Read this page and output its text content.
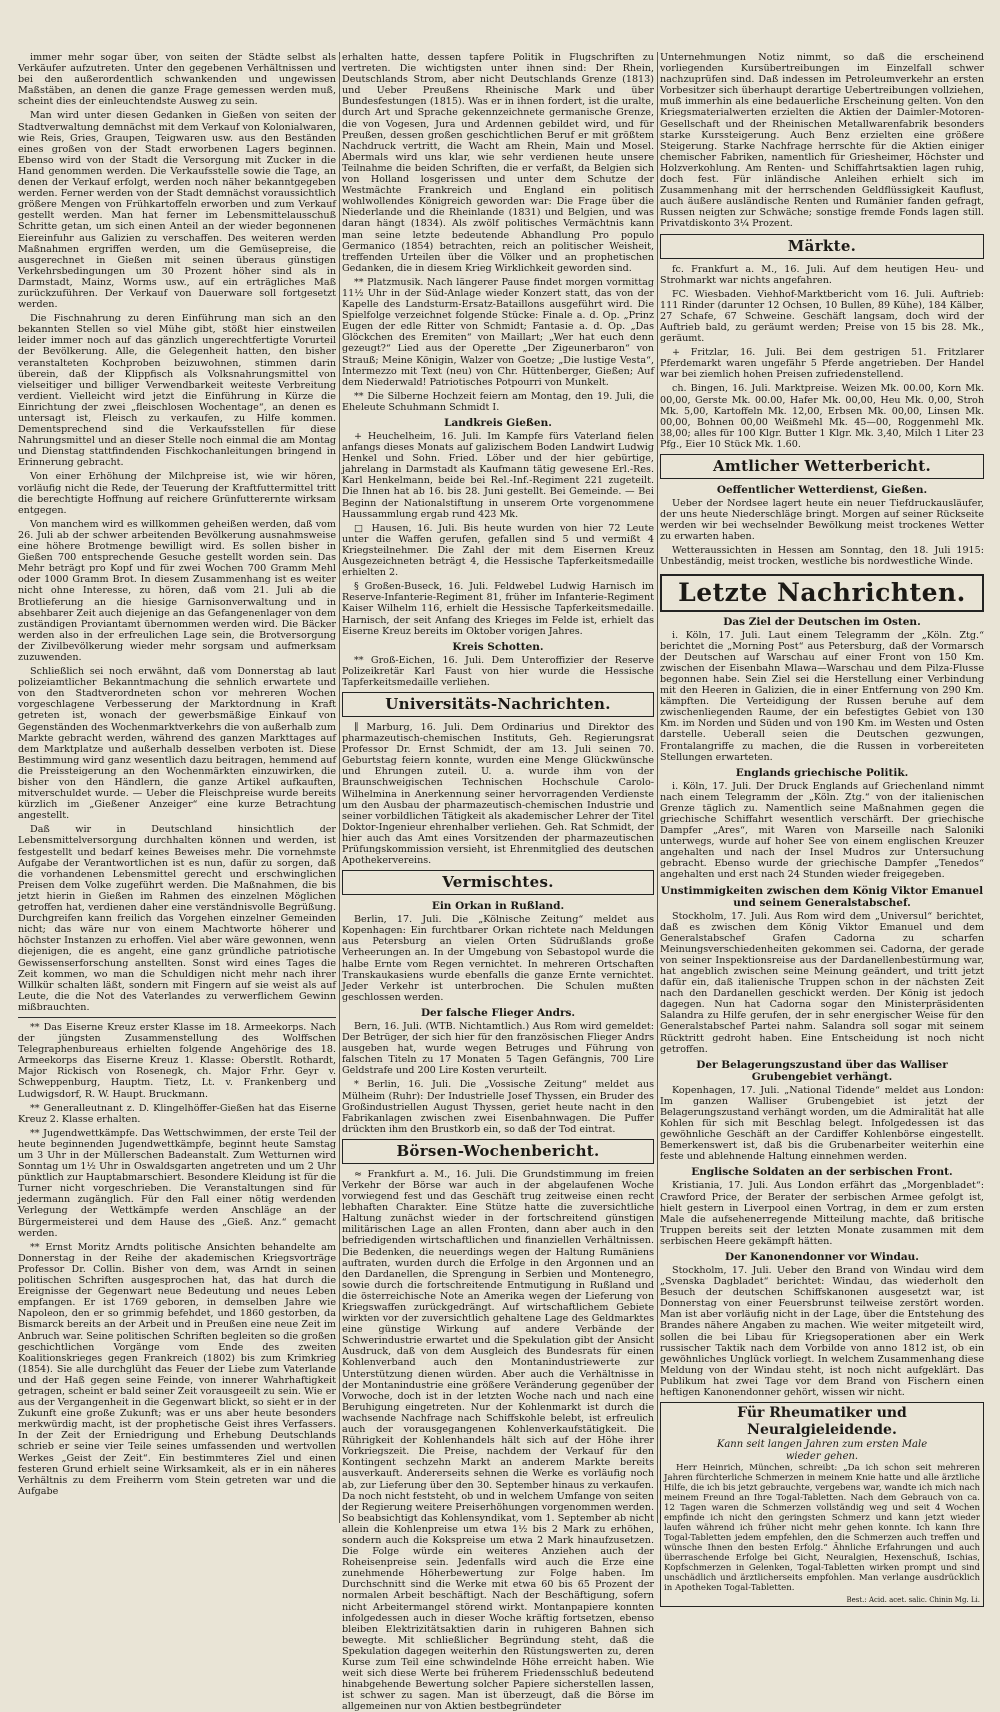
immer mehr sogar über, von seiten der Städte selbst als Verkäufer aufzutreten. Unter den gegebenen Verhältnissen und bei den außerordentlich schwankenden und ungewissen Maßstäben, an denen die ganze Frage gemessen werden muß, scheint dies der einleuchtendste Ausweg zu sein.

Man wird unter diesen Gedanken in Gießen von seiten der Stadtverwaltung demnächst mit dem Verkauf von Kolonialwaren, wie Reis, Gries, Graupen, Teigwaren usw. aus den Beständen eines großen von der Stadt erworbenen Lagers beginnen. Ebenso wird von der Stadt die Versorgung mit Zucker in die Hand genommen werden. Die Verkaufsstelle sowie die Tage, an denen der Verkauf erfolgt, werden noch näher bekanntgegeben werden. Ferner werden von der Stadt demnächst voraussichtlich größere Mengen von Frühkartoffeln erworben und zum Verkauf gestellt werden. Man hat ferner im Lebensmittelausschuß Schritte getan, um sich einen Anteil an der wieder begonnenen Eiereinfuhr aus Galizien zu verschaffen. Des weiteren werden Maßnahmen ergriffen werden, um die Gemüsepreise, die ausgerechnet in Gießen mit seinen überaus günstigen Verkehrsbedingungen um 30 Prozent höher sind als in Darmstadt, Mainz, Worms usw., auf ein erträgliches Maß zurückzuführen. Der Verkauf von Dauerware soll fortgesetzt werden.

Die Fischnahrung zu deren Einführung man sich an den bekannten Stellen so viel Mühe gibt, stößt hier einstweilen leider immer noch auf das gänzlich ungerechtfertigte Vorurteil der Bevölkerung. Alle, die Gelegenheit hatten, den bisher veranstalteten Kochproben beizuwohnen, stimmen darin überein, daß der Klippfisch als Volksnahrungsmittel von vielseitiger und billiger Verwendbarkeit weiteste Verbreitung verdient. Vielleicht wird jetzt die Einführung in Kürze die Einrichtung der zwei „fleischlosen Wochentage“, an denen es untersagt ist, Fleisch zu verkaufen, zu Hilfe kommen. Dementsprechend sind die Verkaufsstellen für diese Nahrungsmittel und an dieser Stelle noch einmal die am Montag und Dienstag stattfindenden Fischkochanleitungen bringend in Erinnerung gebracht.

Von einer Erhöhung der Milchpreise ist, wie wir hören, vorläufig nicht die Rede, der Teuerung der Kraftfuttermittel tritt die berechtigte Hoffnung auf reichere Grünfutterernte wirksam entgegen.

Von manchem wird es willkommen geheißen werden, daß vom 26. Juli ab der schwer arbeitenden Bevölkerung ausnahmsweise eine höhere Brotmenge bewilligt wird. Es sollen bisher in Gießen 700 entsprechende Gesuche gestellt worden sein. Das Mehr beträgt pro Kopf und für zwei Wochen 700 Gramm Mehl oder 1000 Gramm Brot. In diesem Zusammenhang ist es weiter nicht ohne Interesse, zu hören, daß vom 21. Juli ab die Brotlieferung an die hiesige Garnisonverwaltung und in absehbarer Zeit auch diejenige an das Gefangenenlager von dem zuständigen Proviantamt übernommen werden wird. Die Bäcker werden also in der erfreulichen Lage sein, die Brotversorgung der Zivilbevölkerung wieder mehr sorgsam und aufmerksam zuzuwenden.

Schließlich sei noch erwähnt, daß vom Donnerstag ab laut polizeiamtlicher Bekanntmachung die sehnlich erwartete und von den Stadtverordneten schon vor mehreren Wochen vorgeschlagene Verbesserung der Marktordnung in Kraft getreten ist, wonach der gewerbsmäßige Einkauf von Gegenständen des Wochenmarktverkehrs die von außerhalb zum Markte gebracht werden, während des ganzen Markttages auf dem Marktplatze und außerhalb desselben verboten ist. Diese Bestimmung wird ganz wesentlich dazu beitragen, hemmend auf die Preissteigerung an den Wochenmärkten einzuwirken, die bisher von den Händlern, die ganze Artikel aufkauften, mitverschuldet wurde. — Ueber die Fleischpreise wurde bereits kürzlich im „Gießener Anzeiger“ eine kurze Betrachtung angestellt.

Daß wir in Deutschland hinsichtlich der Lebensmittelversorgung durchhalten können und werden, ist festgestellt und bedarf keines Beweises mehr. Die vornehmste Aufgabe der Verantwortlichen ist es nun, dafür zu sorgen, daß die vorhandenen Lebensmittel gerecht und erschwinglichen Preisen dem Volke zugeführt werden. Die Maßnahmen, die bis jetzt hierin in Gießen im Rahmen des einzelnen Möglichen getroffen hat, verdienen daher eine verständnisvolle Begrüßung. Durchgreifen kann freilich das Vorgehen einzelner Gemeinden nicht; das wäre nur von einem Machtworte höherer und höchster Instanzen zu erhoffen. Viel aber wäre gewonnen, wenn diejenigen, die es angeht, eine ganz gründliche patriotische Gewissenserforschung anstellten. Sonst wird eines Tages die Zeit kommen, wo man die Schuldigen nicht mehr nach ihrer Willkür schalten läßt, sondern mit Fingern auf sie weist als auf Leute, die die Not des Vaterlandes zu verwerflichem Gewinn mißbrauchten.

** Das Eiserne Kreuz erster Klasse im 18. Armeekorps. Nach der jüngsten Zusammenstellung des Wolffschen Telegraphenbureaus erhielten folgende Angehörige des 18. Armeekorps das Eiserne Kreuz 1. Klasse: Oberstlt. Rothardt, Major Rickisch von Rosenegk, ch. Major Frhr. Geyr v. Schweppenburg, Hauptm. Tietz, Lt. v. Frankenberg und Ludwigsdorf, R. W. Haupt. Bruckmann.

** Generalleutnant z. D. Klingelhöffer-Gießen hat das Eiserne Kreuz 2. Klasse erhalten.

** Jugendwettkämpfe. Das Wettschwimmen, der erste Teil der heute beginnenden Jugendwettkämpfe, beginnt heute Samstag um 3 Uhr in der Müllerschen Badeanstalt. Zum Wetturnen wird Sonntag um 1½ Uhr in Oswaldsgarten angetreten und um 2 Uhr pünktlich zur Hauptabmarschiert. Besondere Kleidung ist für die Turner nicht vorgeschrieben. Die Veranstaltungen sind für jedermann zugänglich. Für den Fall einer nötig werdenden Verlegung der Wettkämpfe werden Anschläge an der Bürgermeisterei und dem Hause des „Gieß. Anz.“ gemacht werden.

** Ernst Moritz Arndts politische Ansichten behandelte am Donnerstag in der Reihe der akademischen Kriegsvorträge Professor Dr. Collin. Bisher von dem, was Arndt in seinen politischen Schriften ausgesprochen hat, das hat durch die Ereignisse der Gegenwart neue Bedeutung und neues Leben empfangen. Er ist 1769 geboren, in demselben Jahre wie Napoleon, den er so grimmig befehdet, und 1860 gestorben, da Bismarck bereits an der Arbeit und in Preußen eine neue Zeit im Anbruch war. Seine politischen Schriften begleiten so die großen geschichtlichen Vorgänge vom Ende des zweiten Koalitionskrieges gegen Frankreich (1802) bis zum Krimkrieg (1854). Sie alle durchglüht das Feuer der Liebe zum Vaterlande und der Haß gegen seine Feinde, von innerer Wahrhaftigkeit getragen, scheint er bald seiner Zeit vorausgeeilt zu sein. Wie er aus der Vergangenheit in die Gegenwart blickt, so sieht er in der Zukunft eine große Zukunft; was er uns aber heute besonders merkwürdig macht, ist der prophetische Geist ihres Verfassers. In der Zeit der Erniedrigung und Erhebung Deutschlands schrieb er seine vier Teile seines umfassenden und wertvollen Werkes „Geist der Zeit“. Ein bestimmteres Ziel und einen festeren Grund erhielt seine Wirksamkeit, als er in ein näheres Verhältnis zu dem Freiherrn vom Stein getreten war und die Aufgabe

erhalten hatte, dessen tapfere Politik in Flugschriften zu vertreten. Die wichtigsten unter ihnen sind: Der Rhein, Deutschlands Strom, aber nicht Deutschlands Grenze (1813) und Ueber Preußens Rheinische Mark und über Bundesfestungen (1815). Was er in ihnen fordert, ist die uralte, durch Art und Sprache gekennzeichnete germanische Grenze, die von Vogesen, Jura und Ardennen gebildet wird, und für Preußen, dessen großen geschichtlichen Beruf er mit größtem Nachdruck vertritt, die Wacht am Rhein, Main und Mosel. Abermals wird uns klar, wie sehr verdienen heute unsere Teilnahme die beiden Schriften, die er verfaßt, da Belgien sich von Holland losgerissen und unter dem Schutze der Westmächte Frankreich und England ein politisch wohlwollendes Königreich geworden war: Die Frage über die Niederlande und die Rheinlande (1831) und Belgien, und was daran hängt (1834). Als zwölf politisches Vermächtnis kann man seine letzte bedeutende Abhandlung Pro populo Germanico (1854) betrachten, reich an politischer Weisheit, treffenden Urteilen über die Völker und an prophetischen Gedanken, die in diesem Krieg Wirklichkeit geworden sind.

** Platzmusik. Nach längerer Pause findet morgen vormittag 11½ Uhr in der Süd-Anlage wieder Konzert statt, das von der Kapelle des Landsturm-Ersatz-Bataillons ausgeführt wird. Die Spielfolge verzeichnet folgende Stücke: Finale a. d. Op. „Prinz Eugen der edle Ritter von Schmidt; Fantasie a. d. Op. „Das Glöckchen des Eremiten“ von Maillart; „Wer hat euch denn gezeugt?“ Lied aus der Operette „Der Zigeunerbaron“ von Strauß; Meine Königin, Walzer von Goetze; „Die lustige Vesta“, Intermezzo mit Text (neu) von Chr. Hüttenberger, Gießen; Auf dem Niederwald! Patriotisches Potpourri von Munkelt.

** Die Silberne Hochzeit feiern am Montag, den 19. Juli, die Eheleute Schuhmann Schmidt I.

Landkreis Gießen.

+ Heuchelheim, 16. Juli. Im Kampfe fürs Vaterland fielen anfangs dieses Monats auf galizischem Boden Landwirt Ludwig Henkel und Sohn. Fried. Löber und der hier gebürtige, jahrelang in Darmstadt als Kaufmann tätig gewesene Erl.-Res. Karl Henkelmann, beide bei Rel.-Inf.-Regiment 221 zugeteilt. Die Ihnen hat ab 16. bis 28. Juni gestellt. Bei Gemeinde. — Bei Beginn der Nationalstiftung in unserem Orte vorgenommene Haussammlung ergab rund 423 Mk.

□ Hausen, 16. Juli. Bis heute wurden von hier 72 Leute unter die Waffen gerufen, gefallen sind 5 und vermißt 4 Kriegsteilnehmer. Die Zahl der mit dem Eisernen Kreuz Ausgezeichneten beträgt 4, die Hessische Tapferkeitsmedaille erhielten 2.

§ Großen-Buseck, 16. Juli. Feldwebel Ludwig Harnisch im Reserve-Infanterie-Regiment 81, früher im Infanterie-Regiment Kaiser Wilhelm 116, erhielt die Hessische Tapferkeitsmedaille. Harnisch, der seit Anfang des Krieges im Felde ist, erhielt das Eiserne Kreuz bereits im Oktober vorigen Jahres.

Kreis Schotten.

** Groß-Eichen, 16. Juli. Dem Unteroffizier der Reserve Polizeikretär Karl Faust von hier wurde die Hessische Tapferkeitsmedaille verliehen.

Universitäts-Nachrichten.

∥ Marburg, 16. Juli. Dem Ordinarius und Direktor des pharmazeutisch-chemischen Instituts, Geh. Regierungsrat Professor Dr. Ernst Schmidt, der am 13. Juli seinen 70. Geburtstag feiern konnte, wurden eine Menge Glückwünsche und Ehrungen zuteil. U. a. wurde ihm von der Braunschweigischen Technischen Hochschule Carolo-Wilhelmina in Anerkennung seiner hervorragenden Verdienste um den Ausbau der pharmazeutisch-chemischen Industrie und seiner vorbildlichen Tätigkeit als akademischer Lehrer der Titel Doktor-Ingenieur ehrenhalber verliehen. Geh. Rat Schmidt, der hier auch das Amt eines Vorsitzenden der pharmazeutischen Prüfungskommission versieht, ist Ehrenmitglied des deutschen Apothekervereins.

Vermischtes.
Ein Orkan in Rußland.

Berlin, 17. Juli. Die „Kölnische Zeitung“ meldet aus Kopenhagen: Ein furchtbarer Orkan richtete nach Meldungen aus Petersburg an vielen Orten Südrußlands große Verheerungen an. In der Umgebung von Sebastopol wurde die halbe Ernte vom Regen vernichtet. In mehreren Ortschaften Transkaukasiens wurde ebenfalls die ganze Ernte vernichtet. Jeder Verkehr ist unterbrochen. Die Schulen mußten geschlossen werden.

Der falsche Flieger Andrs.

Bern, 16. Juli. (WTB. Nichtamtlich.) Aus Rom wird gemeldet: Der Betrüger, der sich hier für den französischen Flieger Andrs ausgeben hat, wurde wegen Betruges und Führung von falschen Titeln zu 17 Monaten 5 Tagen Gefängnis, 700 Lire Geldstrafe und 200 Lire Kosten verurteilt.

* Berlin, 16. Juli. Die „Vossische Zeitung“ meldet aus Mülheim (Ruhr): Der Industrielle Josef Thyssen, ein Bruder des Großindustriellen August Thyssen, geriet heute nacht in den Fabrikanlagen zwischen zwei Eisenbahnwagen. Die Puffer drückten ihm den Brustkorb ein, so daß der Tod eintrat.

Börsen-Wochenbericht.

≈ Frankfurt a. M., 16. Juli. Die Grundstimmung im freien Verkehr der Börse war auch in der abgelaufenen Woche vorwiegend fest und das Geschäft trug zeitweise einen recht lebhaften Charakter. Eine Stütze hatte die zuversichtliche Haltung zunächst wieder in der fortschreitend günstigen militärischen Lage an allen Fronten, dann aber auch in den befriedigenden wirtschaftlichen und finanziellen Verhältnissen. Die Bedenken, die neuerdings wegen der Haltung Rumäniens auftraten, wurden durch die Erfolge in den Argonnen und an den Dardanellen, die Sprengung in Serbien und Montenegro, sowie durch die fortschreitende Entmutigung in Rußland und die österreichische Note an Amerika wegen der Lieferung von Kriegswaffen zurückgedrängt. Auf wirtschaftlichem Gebiete wirkten vor der zuversichtlich gehaltene Lage des Geldmarktes eine günstige Wirkung auf andere Verbände der Schwerindustrie erwartet und die Spekulation gibt der Ansicht Ausdruck, daß von dem Ausgleich des Bundesrats für einen Kohlenverband auch den Montanindustriewerte zur Unterstützung dienen würden. Aber auch die Verhältnisse in der Montanindustrie eine größere Veränderung gegenüber der Vorwoche, doch ist in der letzten Woche nach und nach eine Beruhigung eingetreten. Nur der Kohlenmarkt ist durch die wachsende Nachfrage nach Schiffskohle belebt, ist erfreulich auch der vorausgegangenen Kohlenverkaufstätigkeit. Die Rührigkeit der Kohlenhandels hält sich auf der Höhe ihrer Vorkriegszeit. Die Preise, nachdem der Verkauf für den Kontingent sechzehn Markt an anderem Markte bereits ausverkauft. Andererseits sehnen die Werke es vorläufig noch ab, zur Lieferung über den 30. September hinaus zu verkaufen. Da noch nicht feststeht, ob und in welchem Umfange von seiten der Regierung weitere Preiserhöhungen vorgenommen werden. So beabsichtigt das Kohlensyndikat, vom 1. September ab nicht allein die Kohlenpreise um etwa 1½ bis 2 Mark zu erhöhen, sondern auch die Kokspreise um etwa 2 Mark hinaufzusetzen. Die Folge würde ein weiteres Anziehen auch der Roheisenpreise sein. Jedenfalls wird auch die Erze eine zunehmende Höherbewertung zur Folge haben. Im Durchschnitt sind die Werke mit etwa 60 bis 65 Prozent der normalen Arbeit beschäftigt. Nach der Beschäftigung, sofern nicht Arbeitermangel störend wirkt. Montanpapiere konnten infolgedessen auch in dieser Woche kräftig fortsetzen, ebenso bleiben Elektrizitätsaktien darin in ruhigeren Bahnen sich bewegte. Mit schließlicher Begründung steht, daß die Spekulation dagegen weiterhin den Rüstungswerten zu, deren Kurse zum Teil eine schwindelnde Höhe erreicht haben. Wie weit sich diese Werte bei früherem Friedensschluß bedeutend hinabgehende Bewertung solcher Papiere sicherstellen lassen, ist schwer zu sagen. Man ist überzeugt, daß die Börse im allgemeinen nur von Aktien bestbegründeter

Unternehmungen Notiz nimmt, so daß die erscheinend vorliegenden Kursübertreibungen im Einzelfall schwer nachzuprüfen sind. Daß indessen im Petroleumverkehr an ersten Vorbesitzer sich überhaupt derartige Uebertreibungen vollziehen, muß immerhin als eine bedauerliche Erscheinung gelten. Von den Kriegsmaterialwerten erzielten die Aktien der Daimler-Motoren-Gesellschaft und der Rheinischen Metallwarenfabrik besonders starke Kurssteigerung. Auch Benz erzielten eine größere Steigerung. Starke Nachfrage herrschte für die Aktien einiger chemischer Fabriken, namentlich für Griesheimer, Höchster und Holzverkohlung. Am Renten- und Schiffahrtsaktien lagen ruhig, doch fest. Für inländische Anleihen erhielt sich im Zusammenhang mit der herrschenden Geldflüssigkeit Kauflust, auch äußere ausländische Renten und Rumänier fanden gefragt, Russen neigten zur Schwäche; sonstige fremde Fonds lagen still. Privatdiskonto 3¼ Prozent.

Märkte.

fc. Frankfurt a. M., 16. Juli. Auf dem heutigen Heu- und Strohmarkt war nichts angefahren.

FC. Wiesbaden. Viehhof-Marktbericht vom 16. Juli. Auftrieb: 111 Rinder (darunter 12 Ochsen, 10 Bullen, 89 Kühe), 184 Kälber, 27 Schafe, 67 Schweine. Geschäft langsam, doch wird der Auftrieb bald, zu geräumt werden; Preise von 15 bis 28. Mk., geräumt.

+ Fritzlar, 16. Juli. Bei dem gestrigen 51. Fritzlarer Pferdemarkt waren ungefähr 5 Pferde angetrieben. Der Handel war bei ziemlich hohen Preisen zufriedenstellend.

ch. Bingen, 16. Juli. Marktpreise. Weizen Mk. 00.00, Korn Mk. 00,00, Gerste Mk. 00.00, Hafer Mk. 00,00, Heu Mk. 0,00, Stroh Mk. 5,00, Kartoffeln Mk. 12,00, Erbsen Mk. 00,00, Linsen Mk. 00,00, Bohnen 00,00 Weißmehl Mk. 45—00, Roggenmehl Mk. 38,00; alles für 100 Klgr. Butter 1 Klgr. Mk. 3,40, Milch 1 Liter 23 Pfg., Eier 10 Stück Mk. 1.60.

Amtlicher Wetterbericht.
Oeffentlicher Wetterdienst, Gießen.

Ueber der Nordsee lagert heute ein neuer Tiefdruckausläufer, der uns heute Niederschläge bringt. Morgen auf seiner Rückseite werden wir bei wechselnder Bewölkung meist trockenes Wetter zu erwarten haben.

Wetteraussichten in Hessen am Sonntag, den 18. Juli 1915: Unbeständig, meist trocken, westliche bis nordwestliche Winde.

Letzte Nachrichten.
Das Ziel der Deutschen im Osten.

i. Köln, 17. Juli. Laut einem Telegramm der „Köln. Ztg.“ berichtet die „Morning Post“ aus Petersburg, daß der Vormarsch der Deutschen auf Warschau auf einer Front von 150 Km. zwischen der Eisenbahn Mlawa—Warschau und dem Pilza-Flusse begonnen habe. Sein Ziel sei die Herstellung einer Verbindung mit den Heeren in Galizien, die in einer Entfernung von 290 Km. kämpften. Die Verteidigung der Russen beruhe auf dem zwischenliegenden Raume, der ein befestigtes Gebiet von 130 Km. im Norden und Süden und von 190 Km. im Westen und Osten darstelle. Ueberall seien die Deutschen gezwungen, Frontalangriffe zu machen, die die Russen in vorbereiteten Stellungen erwarteten.

Englands griechische Politik.

i. Köln, 17. Juli. Der Druck Englands auf Griechenland nimmt nach einem Telegramm der „Köln. Ztg.“ von der italienischen Grenze täglich zu. Namentlich seine Maßnahmen gegen die griechische Schiffahrt wesentlich verschärft. Der griechische Dampfer „Ares“, mit Waren von Marseille nach Saloniki unterwegs, wurde auf hoher See von einem englischen Kreuzer angehalten und nach der Insel Mudros zur Untersuchung gebracht. Ebenso wurde der griechische Dampfer „Tenedos“ angehalten und erst nach 24 Stunden wieder freigegeben.

Unstimmigkeiten zwischen dem König Viktor Emanuel und seinem Generalstabschef.

Stockholm, 17. Juli. Aus Rom wird dem „Universul“ berichtet, daß es zwischen dem König Viktor Emanuel und dem Generalstabschef Grafen Cadorna zu scharfen Meinungsverschiedenheiten gekommen sei. Cadorna, der gerade von seiner Inspektionsreise aus der Dardanellenbestürmung war, hat angeblich zwischen seine Meinung geändert, und tritt jetzt dafür ein, daß italienische Truppen schon in der nächsten Zeit nach den Dardanellen geschickt werden. Der König ist jedoch dagegen. Nun hat Cadorna sogar den Ministerpräsidenten Salandra zu Hilfe gerufen, der in sehr energischer Weise für den Generalstabschef Partei nahm. Salandra soll sogar mit seinem Rücktritt gedroht haben. Eine Entscheidung ist noch nicht getroffen.

Der Belagerungszustand über das Walliser Grubengebiet verhängt.

Kopenhagen, 17. Juli. „National Tidende“ meldet aus London: Im ganzen Walliser Grubengebiet ist jetzt der Belagerungszustand verhängt worden, um die Admiralität hat alle Kohlen für sich mit Beschlag belegt. Infolgedessen ist das gewöhnliche Geschäft an der Cardiffer Kohlenbörse eingestellt. Bemerkenswert ist, daß bis die Grubenarbeiter weiterhin eine feste und ablehnende Haltung einnehmen werden.

Englische Soldaten an der serbischen Front.

Kristiania, 17. Juli. Aus London erfährt das „Morgenbladet“: Crawford Price, der Berater der serbischen Armee gefolgt ist, hielt gestern in Liverpool einen Vortrag, in dem er zum ersten Male die aufsehenerregende Mitteilung machte, daß britische Truppen bereits seit der letzten Monate zusammen mit dem serbischen Heere gekämpft hätten.

Der Kanonendonner vor Windau.

Stockholm, 17. Juli. Ueber den Brand von Windau wird dem „Svenska Dagbladet“ berichtet: Windau, das wiederholt den Besuch der deutschen Schiffskanonen ausgesetzt war, ist Donnerstag von einer Feuersbrunst teilweise zerstört worden. Man ist aber vorläufig nicht in der Lage, über die Entstehung des Brandes nähere Angaben zu machen. Wie weiter mitgeteilt wird, sollen die bei Libau für Kriegsoperationen aber ein Werk russischer Taktik nach dem Vorbilde von anno 1812 ist, ob ein gewöhnliches Unglück vorliegt. In welchem Zusammenhang diese Meldung von der Windau steht, ist noch nicht aufgeklärt. Das Publikum hat zwei Tage vor dem Brand von Fischern einen heftigen Kanonendonner gehört, wissen wir nicht.

Für Rheumatiker und Neuralgieleidende.
Kann seit langen Jahren zum ersten Male
wieder gehen.

Herr Heinrich, München, schreibt: „Da ich schon seit mehreren Jahren fürchterliche Schmerzen in meinem Knie hatte und alle ärztliche Hilfe, die ich bis jetzt gebrauchte, vergebens war, wandte ich mich nach meinem Freund an Ihre Togal-Tabletten. Nach dem Gebrauch von ca. 12 Tagen waren die Schmerzen vollständig weg und seit 4 Wochen empfinde ich nicht den geringsten Schmerz und kann jetzt wieder laufen während ich früher nicht mehr gehen konnte. Ich kann Ihre Togal-Tabletten jedem empfehlen, den die Schmerzen auch treffen und wünsche Ihnen den besten Erfolg.“ Ähnliche Erfahrungen und auch überraschende Erfolge bei Gicht, Neuralgien, Hexenschuß, Ischias, Kopfschmerzen in Gelenken, Togal-Tabletten wirken prompt und sind unschädlich und ärztlicherseits empfohlen. Man verlange ausdrücklich in Apotheken Togal-Tabletten.

Best.: Acid. acet. salic. Chinin Mg. Li.
